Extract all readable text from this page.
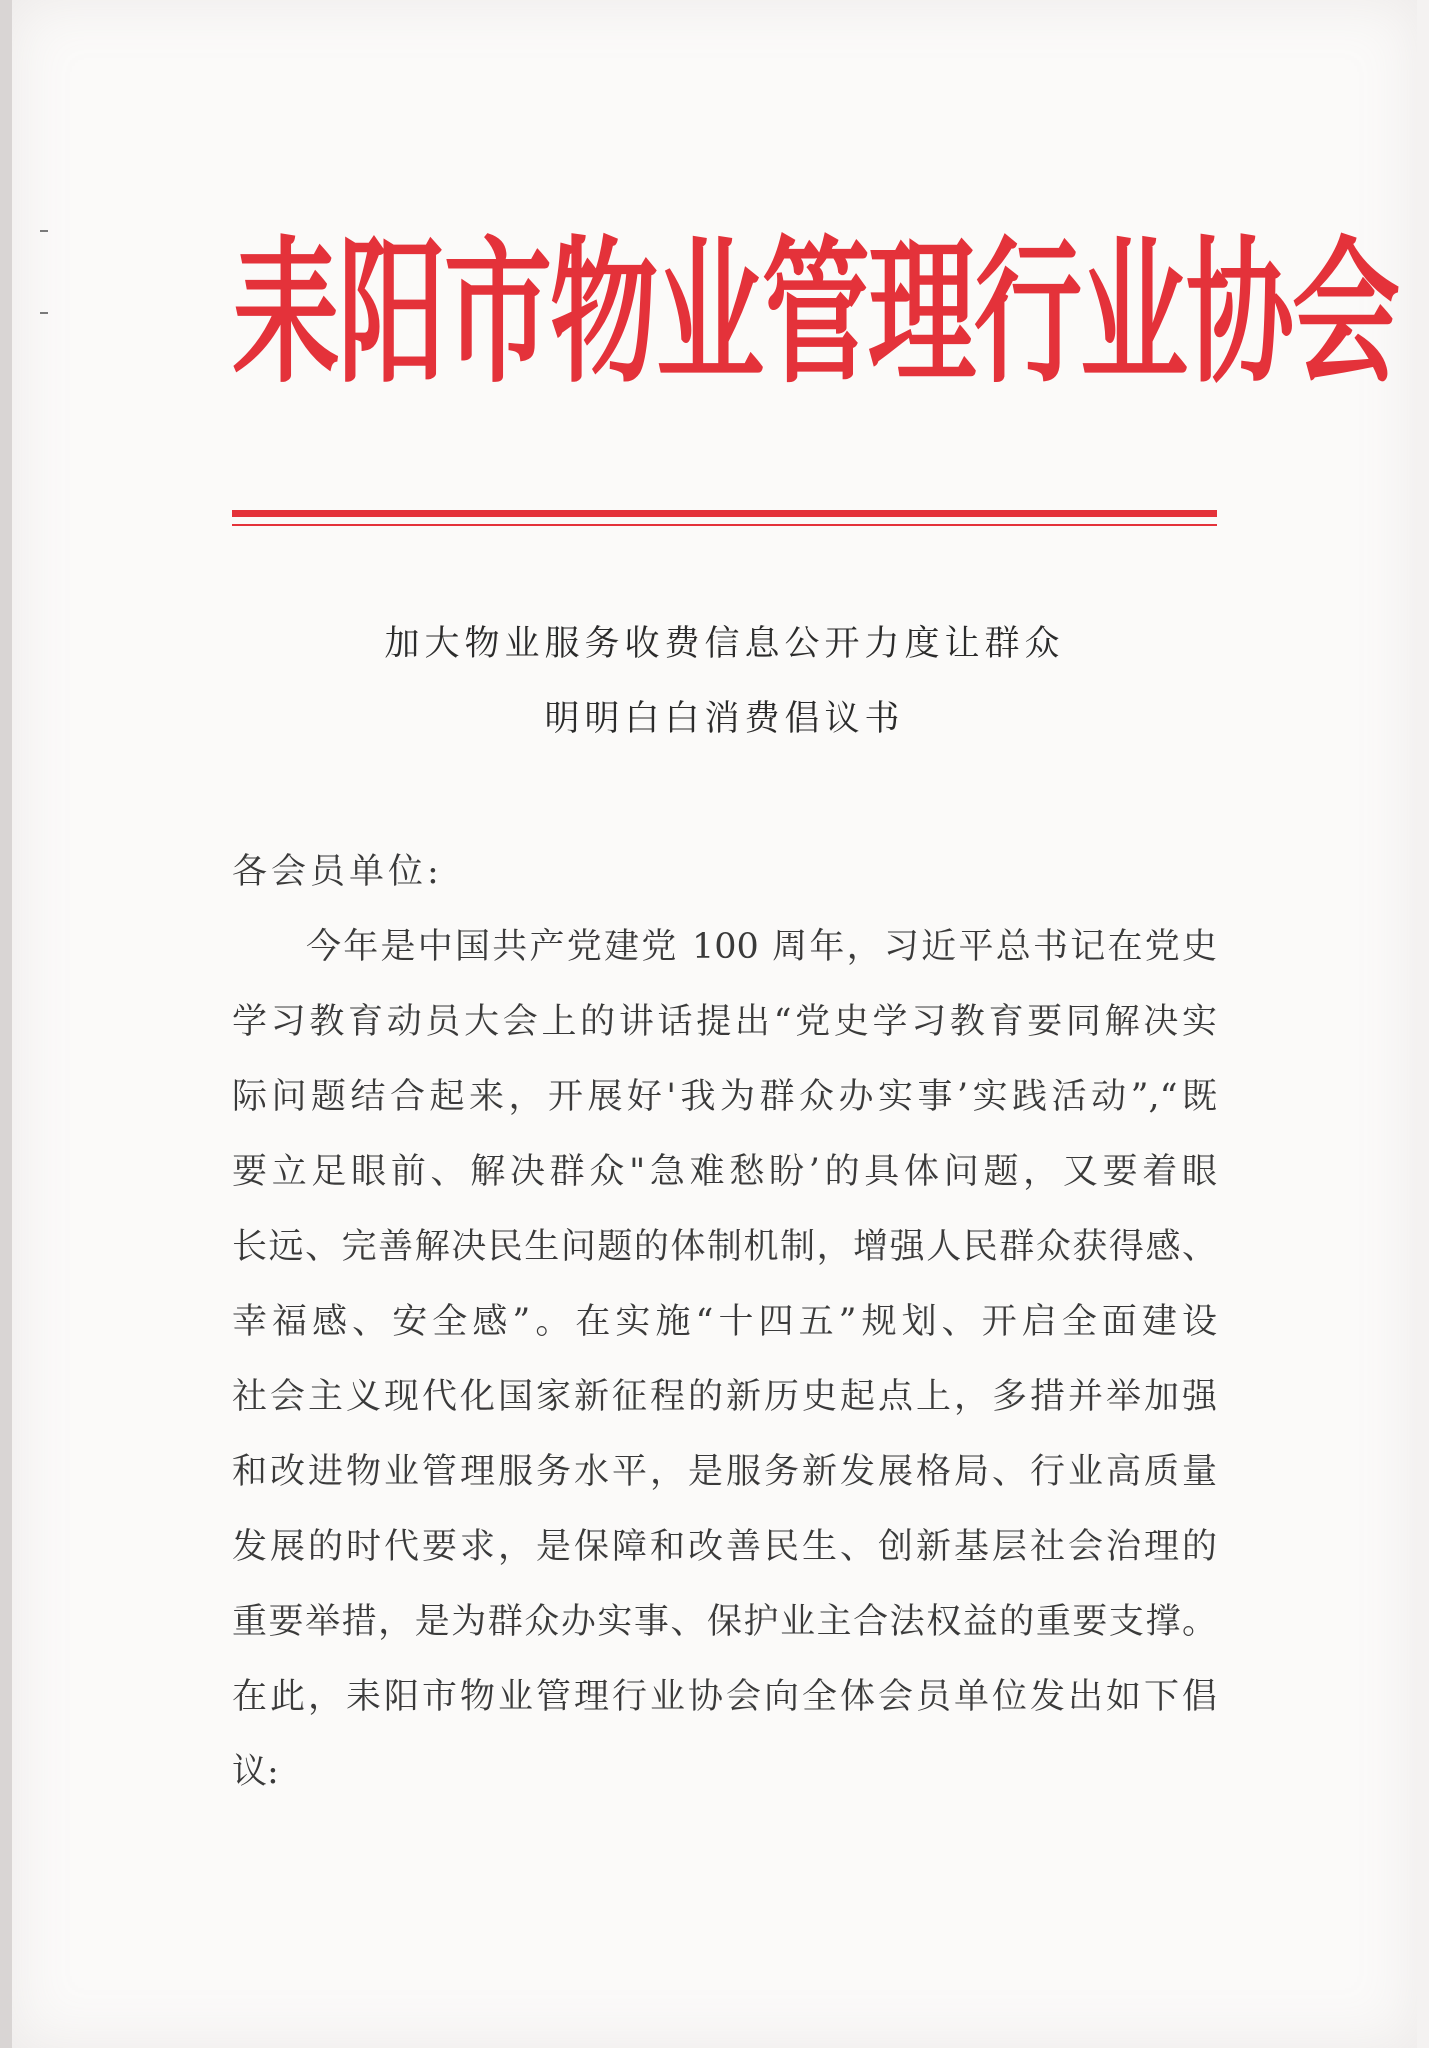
耒阳市物业管理行业协会
加大物业服务收费信息公开力度让群众
明明白白消费倡议书

各会员单位:

今年是中国共产党建党 100 周年，习近平总书记在党史

学习教育动员大会上的讲话提出“党史学习教育要同解决实

际问题结合起来，开展好'我为群众办实事’实践活动”,“既

要立足眼前、解决群众"急难愁盼’的具体问题，又要着眼

长远、完善解决民生问题的体制机制，增强人民群众获得感、

幸福感、安全感”。在实施“十四五”规划、开启全面建设

社会主义现代化国家新征程的新历史起点上，多措并举加强

和改进物业管理服务水平，是服务新发展格局、行业高质量

发展的时代要求，是保障和改善民生、创新基层社会治理的

重要举措，是为群众办实事、保护业主合法权益的重要支撑。

在此，耒阳市物业管理行业协会向全体会员单位发出如下倡

议:
